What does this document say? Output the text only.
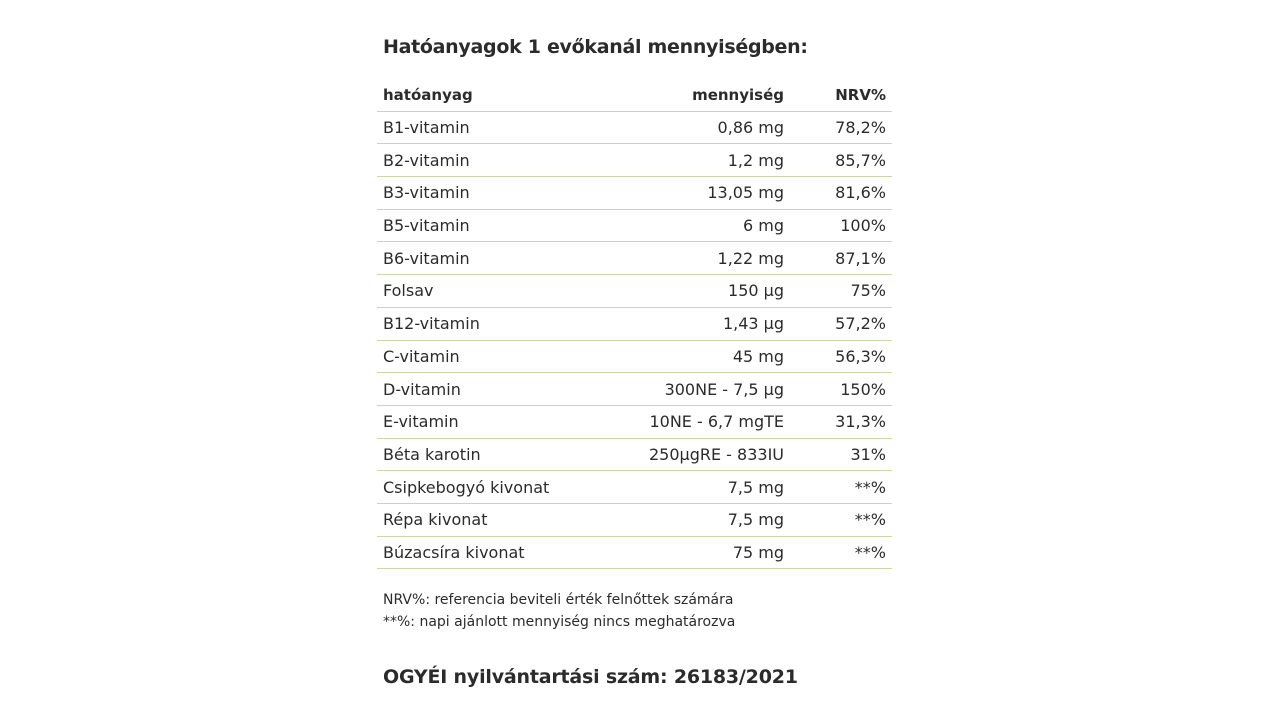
Hatóanyagok 1 evőkanál mennyiségben:
hatóanyag	mennyiség	NRV%
B1-vitamin	0,86 mg	78,2%
B2-vitamin	1,2 mg	85,7%
B3-vitamin	13,05 mg	81,6%
B5-vitamin	6 mg	100%
B6-vitamin	1,22 mg	87,1%
Folsav	150 µg	75%
B12-vitamin	1,43 µg	57,2%
C-vitamin	45 mg	56,3%
D-vitamin	300NE - 7,5 µg	150%
E-vitamin	10NE - 6,7 mgTE	31,3%
Béta karotin	250µgRE - 833IU	31%
Csipkebogyó kivonat	7,5 mg	**%
Répa kivonat	7,5 mg	**%
Búzacsíra kivonat	75 mg	**%
NRV%: referencia beviteli érték felnőttek számára
**%: napi ajánlott mennyiség nincs meghatározva
OGYÉI nyilvántartási szám: 26183/2021
